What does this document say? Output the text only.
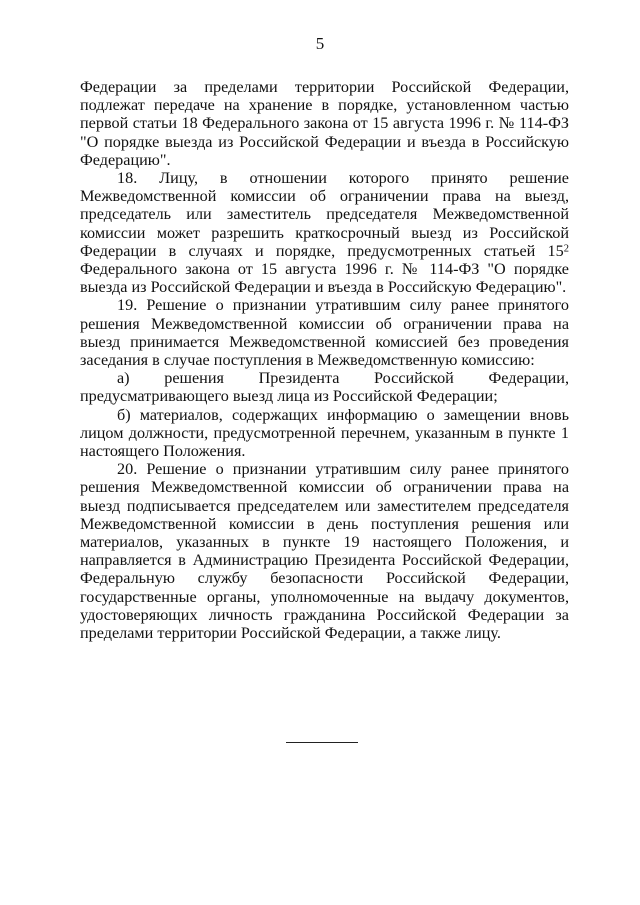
5

Федерации за пределами территории Российской Федерации, подлежат передаче на хранение в порядке, установленном частью первой статьи 18 Федерального закона от 15 августа 1996 г. № 114-ФЗ "О порядке выезда из Российской Федерации и въезда в Российскую Федерацию".

18. Лицу, в отношении которого принято решение Межведомственной комиссии об ограничении права на выезд, председатель или заместитель председателя Межведомственной комиссии может разрешить краткосрочный выезд из Российской Федерации в случаях и порядке, предусмотренных статьей $15^2$ Федерального закона от 15 августа 1996 г. № 114-ФЗ "О порядке выезда из Российской Федерации и въезда в Российскую Федерацию".

19. Решение о признании утратившим силу ранее принятого решения Межведомственной комиссии об ограничении права на выезд принимается Межведомственной комиссией без проведения заседания в случае поступления в Межведомственную комиссию:

а) решения Президента Российской Федерации, предусматривающего выезд лица из Российской Федерации;

б) материалов, содержащих информацию о замещении вновь лицом должности, предусмотренной перечнем, указанным в пункте 1 настоящего Положения.

20. Решение о признании утратившим силу ранее принятого решения Межведомственной комиссии об ограничении права на выезд подписывается председателем или заместителем председателя Межведомственной комиссии в день поступления решения или материалов, указанных в пункте 19 настоящего Положения, и направляется в Администрацию Президента Российской Федерации, Федеральную службу безопасности Российской Федерации, государственные органы, уполномоченные на выдачу документов, удостоверяющих личность гражданина Российской Федерации за пределами территории Российской Федерации, а также лицу.
